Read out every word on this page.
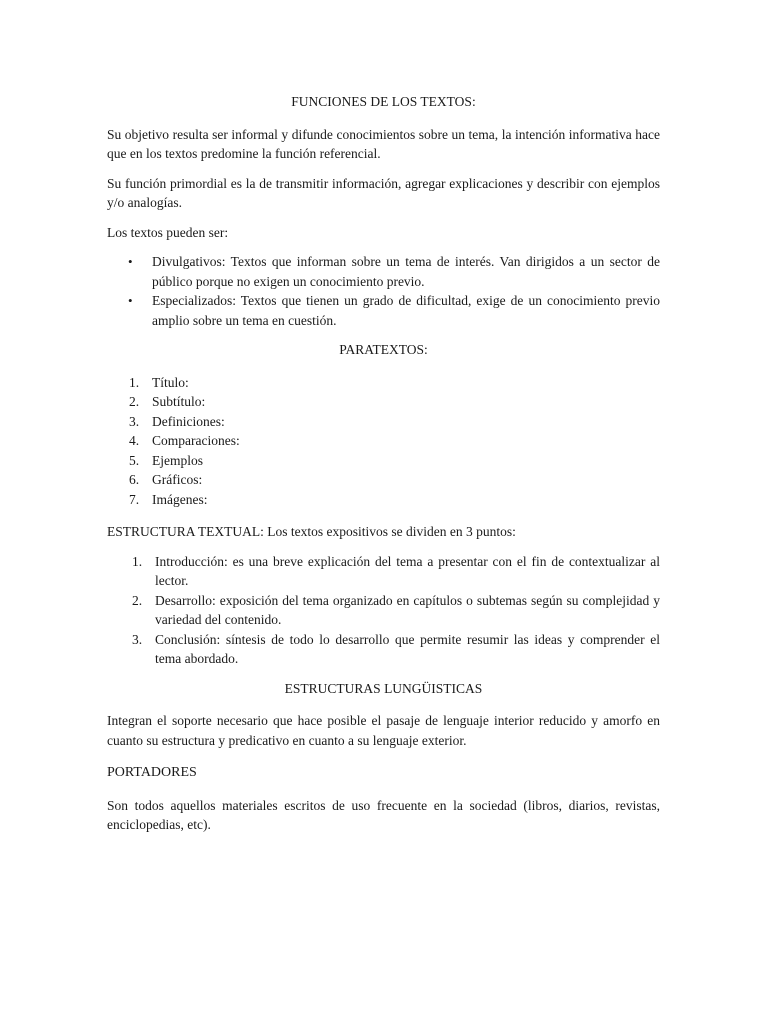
FUNCIONES DE LOS TEXTOS:

Su objetivo resulta ser informal y difunde conocimientos sobre un tema, la intención informativa hace que en los textos predomine la función referencial.

Su función primordial es la de transmitir información, agregar explicaciones y describir con ejemplos y/o analogías.

Los textos pueden ser:

• Divulgativos: Textos que informan sobre un tema de interés. Van dirigidos a un sector de público porque no exigen un conocimiento previo.
• Especializados: Textos que tienen un grado de dificultad, exige de un conocimiento previo amplio sobre un tema en cuestión.
PARATEXTOS:
1. Título:
2. Subtítulo:
3. Definiciones:
4. Comparaciones:
5. Ejemplos
6. Gráficos:
7. Imágenes:

ESTRUCTURA TEXTUAL: Los textos expositivos se dividen en 3 puntos:

1. Introducción: es una breve explicación del tema a presentar con el fin de contextualizar al lector.
2. Desarrollo: exposición del tema organizado en capítulos o subtemas según su complejidad y variedad del contenido.
3. Conclusión: síntesis de todo lo desarrollo que permite resumir las ideas y comprender el tema abordado.
ESTRUCTURAS LUNGÜISTICAS

Integran el soporte necesario que hace posible el pasaje de lenguaje interior reducido y amorfo en cuanto su estructura y predicativo en cuanto a su lenguaje exterior.

PORTADORES

Son todos aquellos materiales escritos de uso frecuente en la sociedad (libros, diarios, revistas, enciclopedias, etc).
